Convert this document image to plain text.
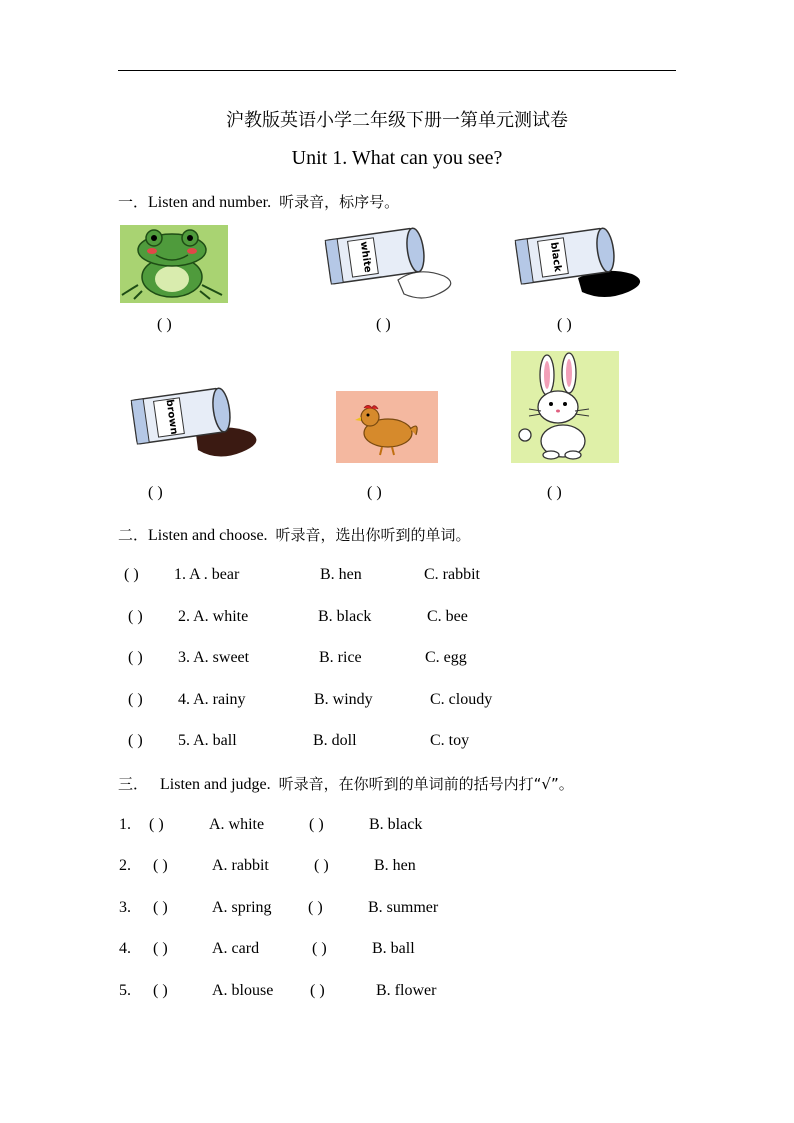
沪教版英语小学二年级下册一第单元测试卷
Unit 1. What can you see?
一．Listen and number. 听录音，标序号。
( )
white
( )
black
( )
brown
( )	( )	( )
二．Listen and choose. 听录音，选出你听到的单词。
( ) 1. A . bear	B. hen	C. rabbit
( ) 2. A. white	B. black	C. bee
( ) 3. A. sweet	B. rice	C. egg
( ) 4. A. rainy	B. windy	C. cloudy
( ) 5. A. ball	B. doll	C. toy
三． Listen and judge. 听录音，在你听到的单词前的括号内打“√”。
1. ( )	A. white	( )	B. black
2. ( )	A. rabbit	( )	B. hen
3. ( )	A. spring ( )	B. summer
4. ( )	A. card	( )	B. ball
5. ( )	A. blouse ( )	B. flower
